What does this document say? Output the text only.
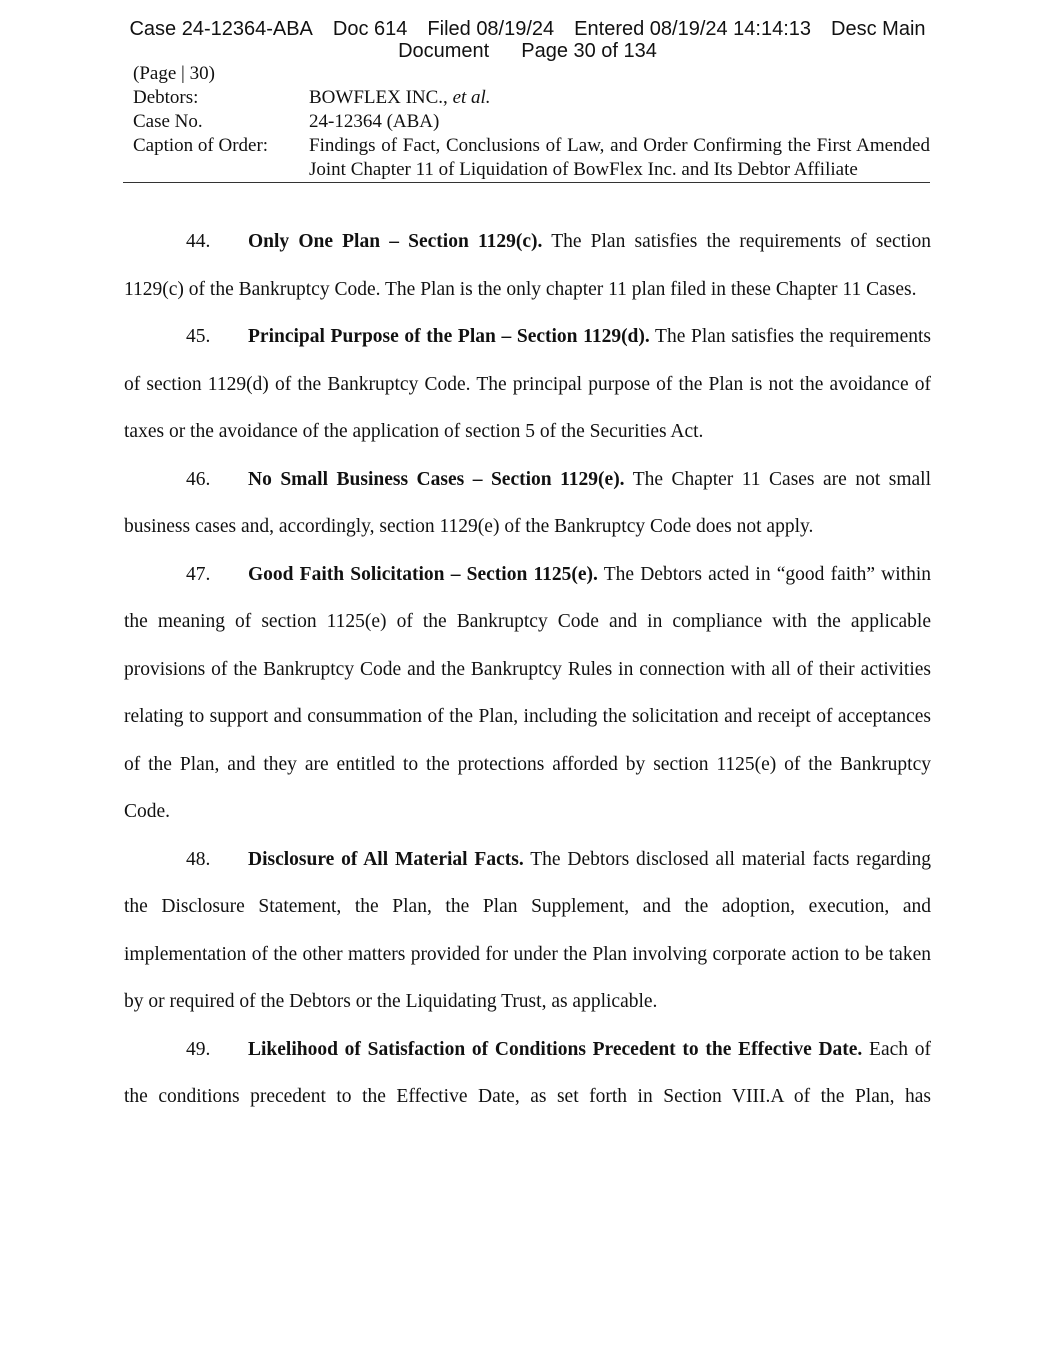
Case 24-12364-ABA Doc 614 Filed 08/19/24 Entered 08/19/24 14:14:13 Desc Main
Document Page 30 of 134
(Page | 30)
Debtors:	BOWFLEX INC., et al.
Case No.	24-12364 (ABA)
Caption of Order:	Findings of Fact, Conclusions of Law, and Order Confirming the First Amended Joint Chapter 11 of Liquidation of BowFlex Inc. and Its Debtor Affiliate

44. Only One Plan – Section 1129(c). The Plan satisfies the requirements of section 1129(c) of the Bankruptcy Code. The Plan is the only chapter 11 plan filed in these Chapter 11 Cases.

45. Principal Purpose of the Plan – Section 1129(d). The Plan satisfies the requirements of section 1129(d) of the Bankruptcy Code. The principal purpose of the Plan is not the avoidance of taxes or the avoidance of the application of section 5 of the Securities Act.

46. No Small Business Cases – Section 1129(e). The Chapter 11 Cases are not small business cases and, accordingly, section 1129(e) of the Bankruptcy Code does not apply.

47. Good Faith Solicitation – Section 1125(e). The Debtors acted in “good faith” within the meaning of section 1125(e) of the Bankruptcy Code and in compliance with the applicable provisions of the Bankruptcy Code and the Bankruptcy Rules in connection with all of their activities relating to support and consummation of the Plan, including the solicitation and receipt of acceptances of the Plan, and they are entitled to the protections afforded by section 1125(e) of the Bankruptcy Code.

48. Disclosure of All Material Facts. The Debtors disclosed all material facts regarding the Disclosure Statement, the Plan, the Plan Supplement, and the adoption, execution, and implementation of the other matters provided for under the Plan involving corporate action to be taken by or required of the Debtors or the Liquidating Trust, as applicable.

49. Likelihood of Satisfaction of Conditions Precedent to the Effective Date. Each of the conditions precedent to the Effective Date, as set forth in Section VIII.A of the Plan, has
